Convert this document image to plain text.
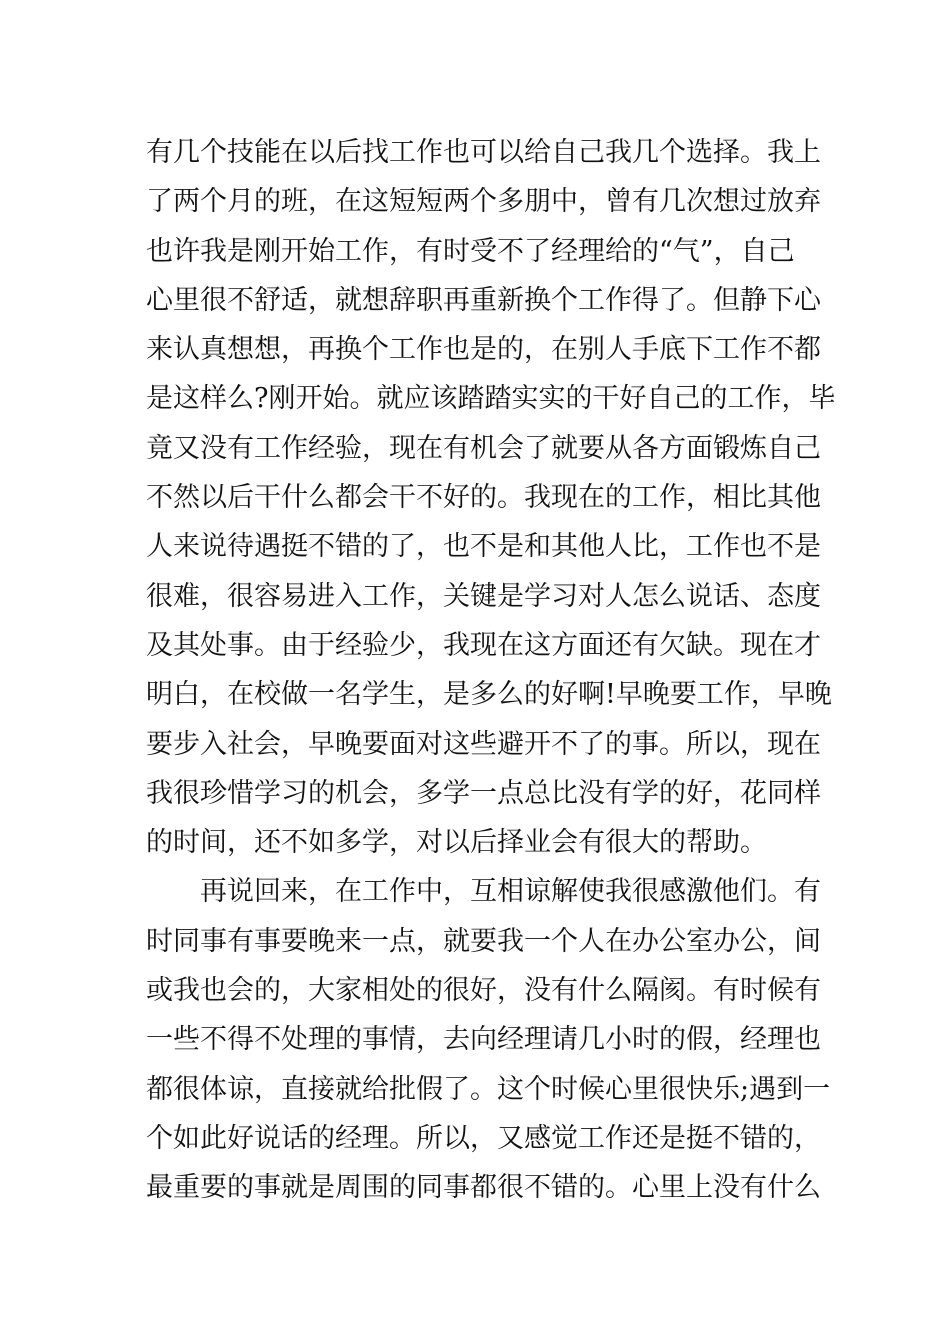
有几个技能在以后找工作也可以给自己我几个选择。我上
了两个月的班，在这短短两个多朋中，曾有几次想过放弃
也许我是刚开始工作，有时受不了经理给的“气”，自己
心里很不舒适，就想辞职再重新换个工作得了。但静下心
来认真想想，再换个工作也是的，在别人手底下工作不都
是这样么?刚开始。就应该踏踏实实的干好自己的工作，毕
竟又没有工作经验，现在有机会了就要从各方面锻炼自己
不然以后干什么都会干不好的。我现在的工作，相比其他
人来说待遇挺不错的了，也不是和其他人比，工作也不是
很难，很容易进入工作，关键是学习对人怎么说话、态度
及其处事。由于经验少，我现在这方面还有欠缺。现在才
明白，在校做一名学生，是多么的好啊!早晚要工作，早晚
要步入社会，早晚要面对这些避开不了的事。所以，现在
我很珍惜学习的机会，多学一点总比没有学的好，花同样
的时间，还不如多学，对以后择业会有很大的帮助。
再说回来，在工作中，互相谅解使我很感激他们。有
时同事有事要晚来一点，就要我一个人在办公室办公，间
或我也会的，大家相处的很好，没有什么隔阂。有时候有
一些不得不处理的事情，去向经理请几小时的假，经理也
都很体谅，直接就给批假了。这个时候心里很快乐;遇到一
个如此好说话的经理。所以，又感觉工作还是挺不错的，
最重要的事就是周围的同事都很不错的。心里上没有什么
